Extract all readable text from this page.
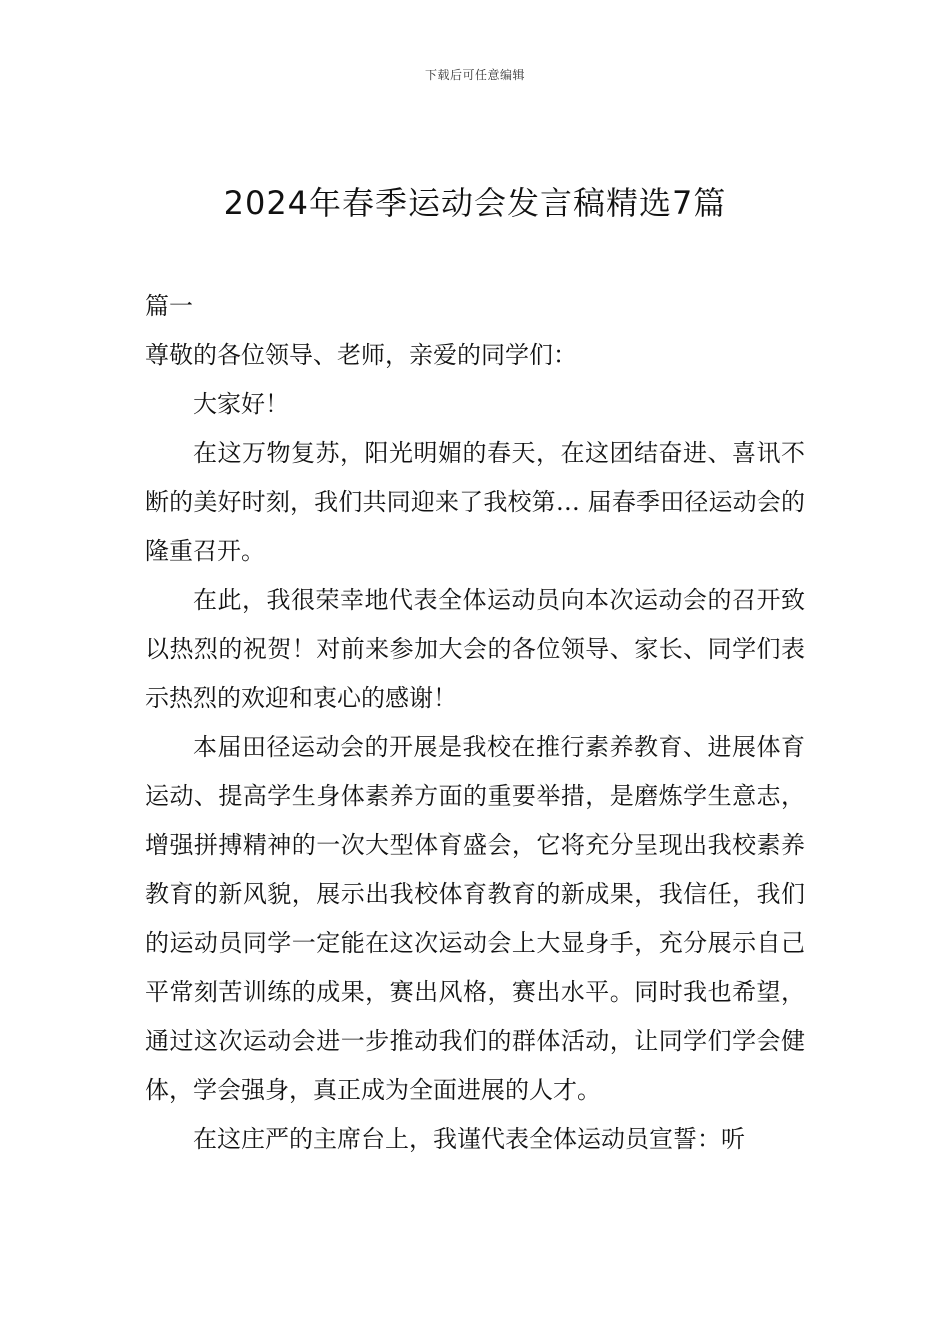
下载后可任意编辑
2024年春季运动会发言稿精选7篇

篇一

尊敬的各位领导、老师，亲爱的同学们：

大家好！

在这万物复苏，阳光明媚的春天，在这团结奋进、喜讯不断的美好时刻，我们共同迎来了我校第… 届春季田径运动会的隆重召开。

在此，我很荣幸地代表全体运动员向本次运动会的召开致以热烈的祝贺！对前来参加大会的各位领导、家长、同学们表示热烈的欢迎和衷心的感谢！

本届田径运动会的开展是我校在推行素养教育、进展体育运动、提高学生身体素养方面的重要举措，是磨炼学生意志，增强拼搏精神的一次大型体育盛会，它将充分呈现出我校素养教育的新风貌，展示出我校体育教育的新成果，我信任，我们的运动员同学一定能在这次运动会上大显身手，充分展示自己平常刻苦训练的成果，赛出风格，赛出水平。同时我也希望，通过这次运动会进一步推动我们的群体活动，让同学们学会健体，学会强身，真正成为全面进展的人才。

在这庄严的主席台上，我谨代表全体运动员宣誓：听
